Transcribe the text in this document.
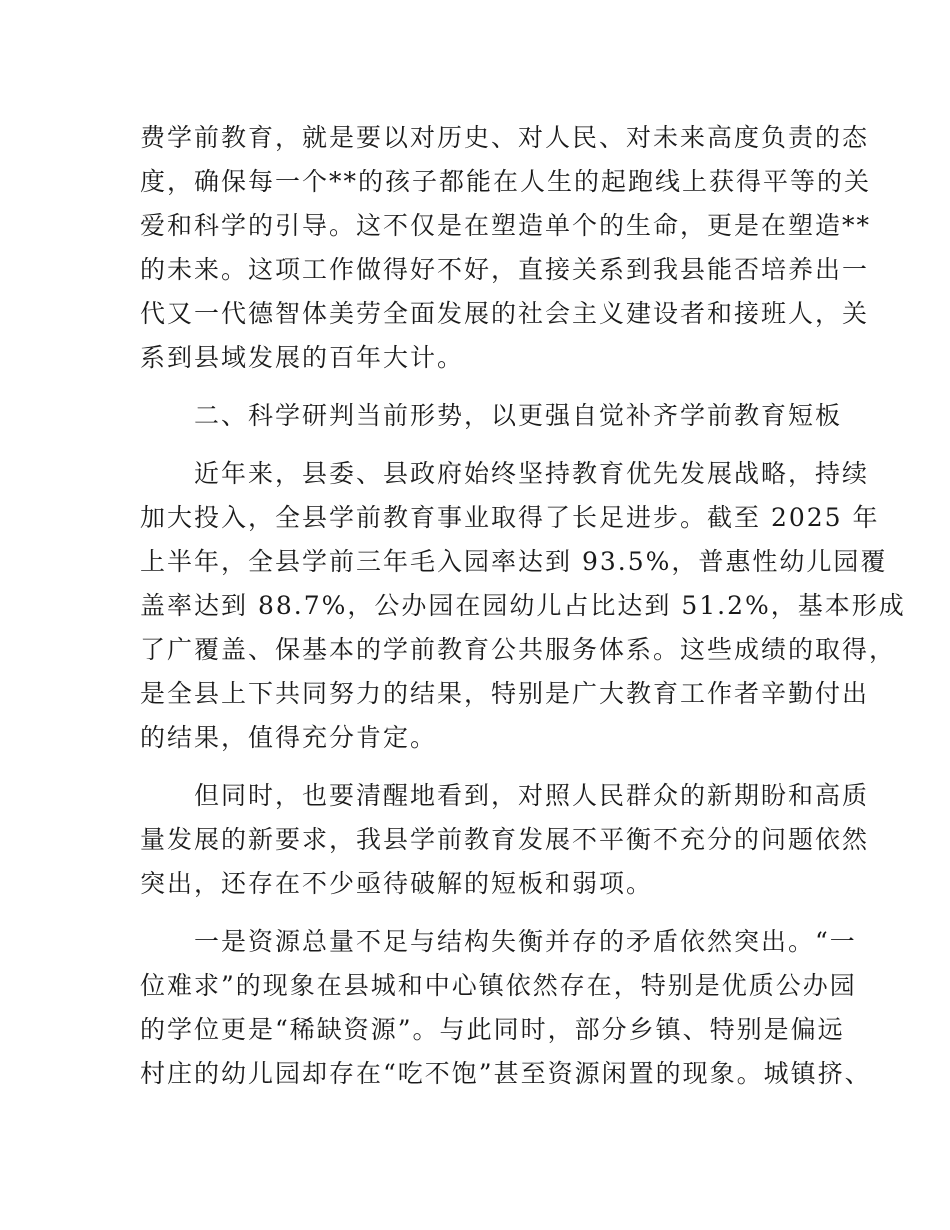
费学前教育，就是要以对历史、对人民、对未来高度负责的态
度，确保每一个**的孩子都能在人生的起跑线上获得平等的关
爱和科学的引导。这不仅是在塑造单个的生命，更是在塑造**
的未来。这项工作做得好不好，直接关系到我县能否培养出一
代又一代德智体美劳全面发展的社会主义建设者和接班人，关
系到县域发展的百年大计。
　　二、科学研判当前形势，以更强自觉补齐学前教育短板
　　近年来，县委、县政府始终坚持教育优先发展战略，持续
加大投入，全县学前教育事业取得了长足进步。截至 2025 年
上半年，全县学前三年毛入园率达到 93.5%，普惠性幼儿园覆
盖率达到 88.7%，公办园在园幼儿占比达到 51.2%，基本形成
了广覆盖、保基本的学前教育公共服务体系。这些成绩的取得，
是全县上下共同努力的结果，特别是广大教育工作者辛勤付出
的结果，值得充分肯定。
　　但同时，也要清醒地看到，对照人民群众的新期盼和高质
量发展的新要求，我县学前教育发展不平衡不充分的问题依然
突出，还存在不少亟待破解的短板和弱项。
　　一是资源总量不足与结构失衡并存的矛盾依然突出。“一
位难求”的现象在县城和中心镇依然存在，特别是优质公办园
的学位更是“稀缺资源”。与此同时，部分乡镇、特别是偏远
村庄的幼儿园却存在“吃不饱”甚至资源闲置的现象。城镇挤、
